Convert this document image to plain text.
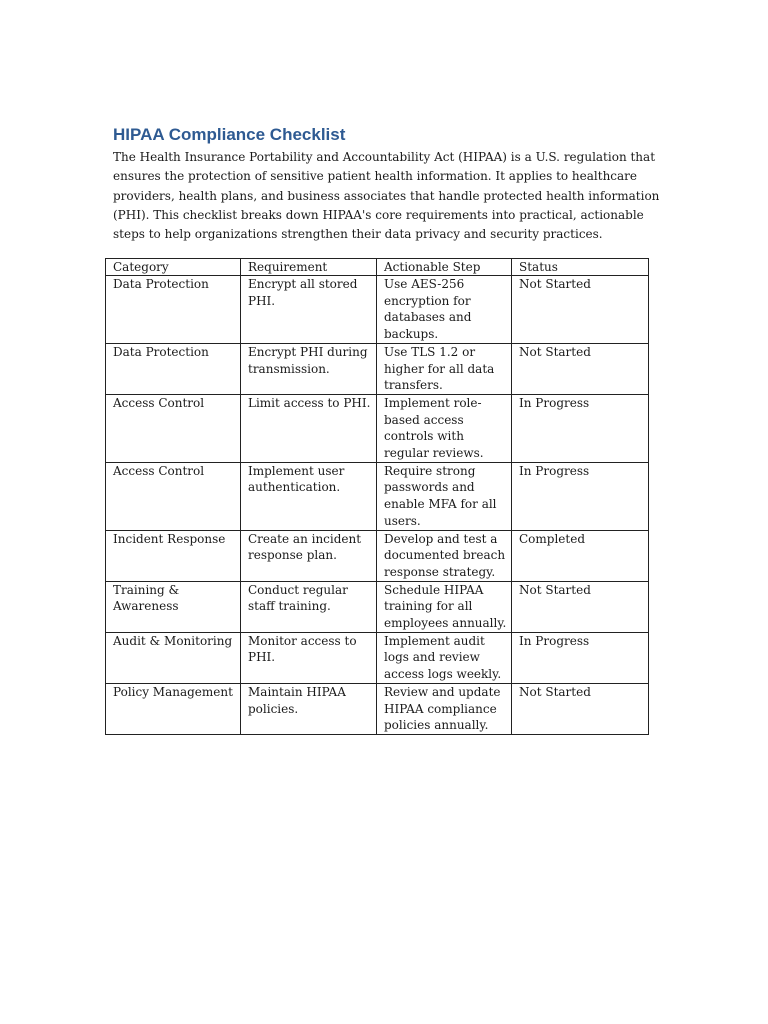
HIPAA Compliance Checklist

The Health Insurance Portability and Accountability Act (HIPAA) is a U.S. regulation that
ensures the protection of sensitive patient health information. It applies to healthcare
providers, health plans, and business associates that handle protected health information
(PHI). This checklist breaks down HIPAA's core requirements into practical, actionable
steps to help organizations strengthen their data privacy and security practices.

Category	Requirement	Actionable Step	Status

Data Protection	Encrypt all stored
PHI.	Use AES-256
encryption for
databases and
backups.	Not Started

Data Protection	Encrypt PHI during
transmission.	Use TLS 1.2 or
higher for all data
transfers.	Not Started

Access Control	Limit access to PHI.	Implement role-
based access
controls with
regular reviews.	In Progress

Access Control	Implement user
authentication.	Require strong
passwords and
enable MFA for all
users.	In Progress

Incident Response	Create an incident
response plan.	Develop and test a
documented breach
response strategy.	Completed

Training &
Awareness	Conduct regular
staff training.	Schedule HIPAA
training for all
employees annually.	Not Started

Audit & Monitoring	Monitor access to
PHI.	Implement audit
logs and review
access logs weekly.	In Progress

Policy Management	Maintain HIPAA
policies.	Review and update
HIPAA compliance
policies annually.	Not Started
